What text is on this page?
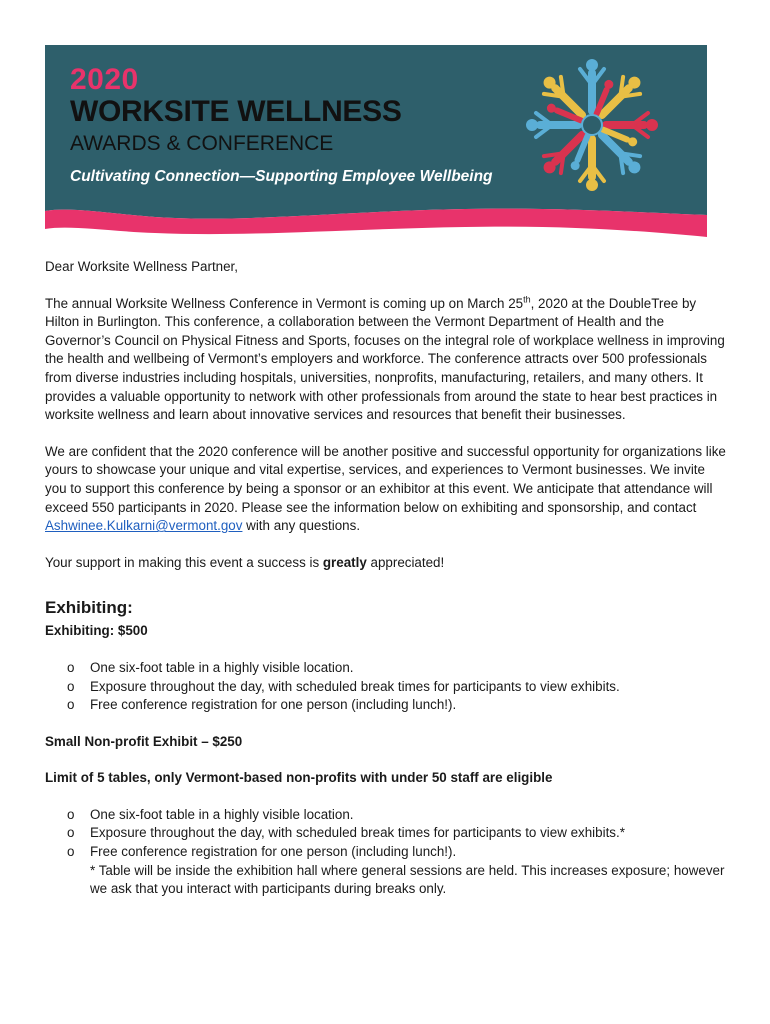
2020
WORKSITE WELLNESS
AWARDS & CONFERENCE
Cultivating Connection—Supporting Employee Wellbeing

Dear Worksite Wellness Partner,

The annual Worksite Wellness Conference in Vermont is coming up on March 25th, 2020 at the DoubleTree by Hilton in Burlington. This conference, a collaboration between the Vermont Department of Health and the Governor’s Council on Physical Fitness and Sports, focuses on the integral role of workplace wellness in improving the health and wellbeing of Vermont’s employers and workforce. The conference attracts over 500 professionals from diverse industries including hospitals, universities, nonprofits, manufacturing, retailers, and many others. It provides a valuable opportunity to network with other professionals from around the state to hear best practices in worksite wellness and learn about innovative services and resources that benefit their businesses.

We are confident that the 2020 conference will be another positive and successful opportunity for organizations like yours to showcase your unique and vital expertise, services, and experiences to Vermont businesses. We invite you to support this conference by being a sponsor or an exhibitor at this event. We anticipate that attendance will exceed 550 participants in 2020. Please see the information below on exhibiting and sponsorship, and contact Ashwinee.Kulkarni@vermont.gov with any questions.

Your support in making this event a success is greatly appreciated!

Exhibiting:

Exhibiting: $500

o One six-foot table in a highly visible location.
o Exposure throughout the day, with scheduled break times for participants to view exhibits.
o Free conference registration for one person (including lunch!).

Small Non-profit Exhibit – $250

Limit of 5 tables, only Vermont-based non-profits with under 50 staff are eligible

o One six-foot table in a highly visible location.
o Exposure throughout the day, with scheduled break times for participants to view exhibits.*
o Free conference registration for one person (including lunch!).
* Table will be inside the exhibition hall where general sessions are held. This increases exposure; however we ask that you interact with participants during breaks only.
